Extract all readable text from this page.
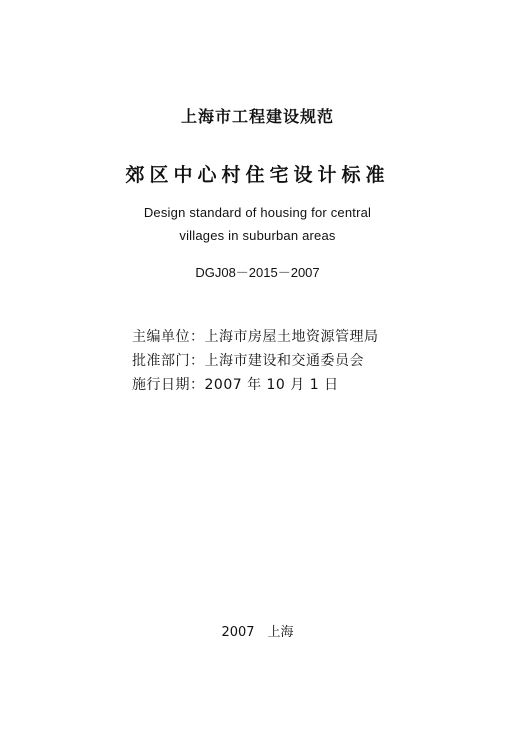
上海市工程建设规范
郊区中心村住宅设计标准
Design standard of housing for central
villages in suburban areas
DGJ08－2015－2007
主编单位：上海市房屋土地资源管理局
批准部门：上海市建设和交通委员会
施行日期：2007 年 10 月 1 日
2007　上海
